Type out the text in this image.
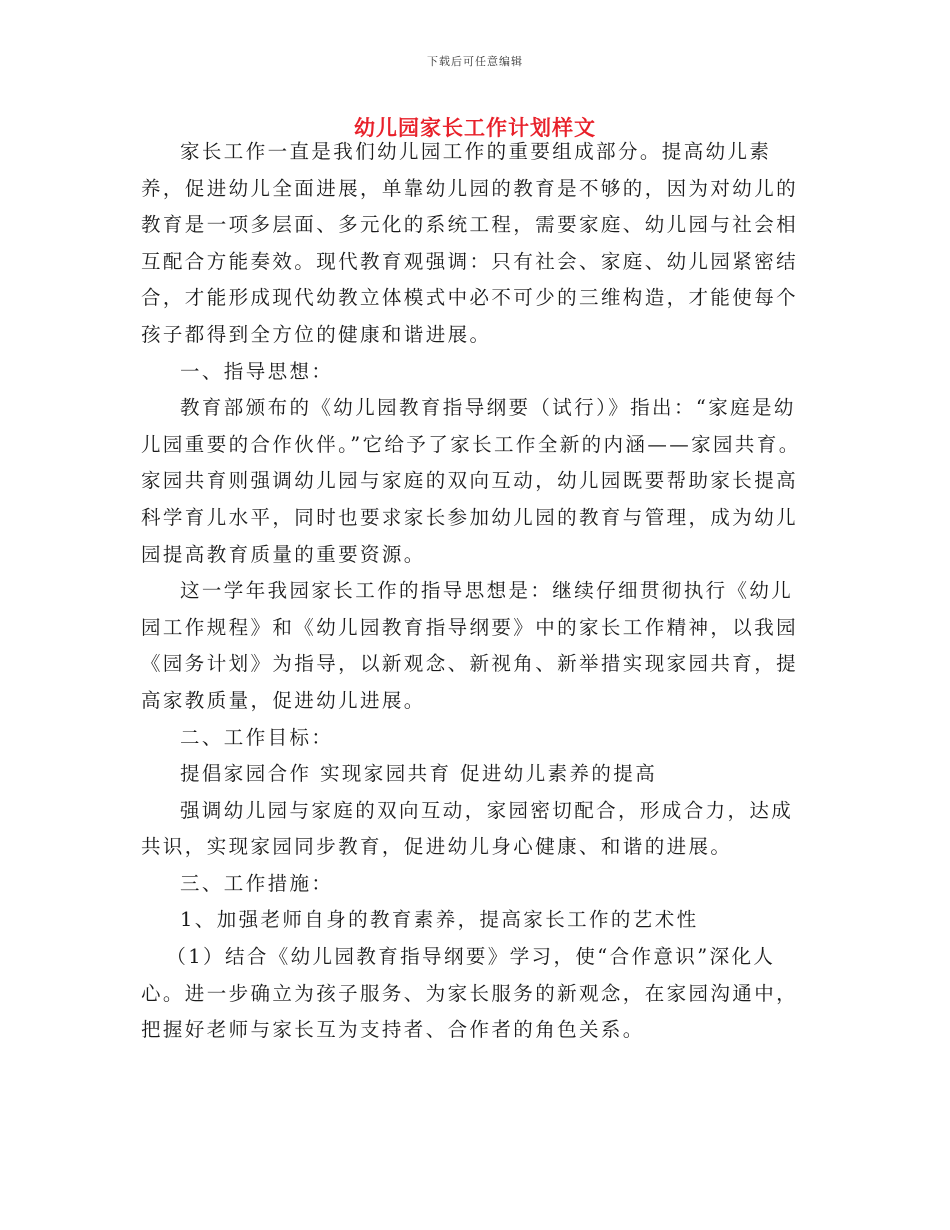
下载后可任意编辑
幼儿园家长工作计划样文

家长工作一直是我们幼儿园工作的重要组成部分。提高幼儿素养，促进幼儿全面进展，单靠幼儿园的教育是不够的，因为对幼儿的教育是一项多层面、多元化的系统工程，需要家庭、幼儿园与社会相互配合方能奏效。现代教育观强调：只有社会、家庭、幼儿园紧密结合，才能形成现代幼教立体模式中必不可少的三维构造，才能使每个孩子都得到全方位的健康和谐进展。

一、指导思想：

教育部颁布的《幼儿园教育指导纲要（试行）》指出：“家庭是幼儿园重要的合作伙伴。”它给予了家长工作全新的内涵——家园共育。家园共育则强调幼儿园与家庭的双向互动，幼儿园既要帮助家长提高科学育儿水平，同时也要求家长参加幼儿园的教育与管理，成为幼儿园提高教育质量的重要资源。

这一学年我园家长工作的指导思想是：继续仔细贯彻执行《幼儿园工作规程》和《幼儿园教育指导纲要》中的家长工作精神，以我园《园务计划》为指导，以新观念、新视角、新举措实现家园共育，提高家教质量，促进幼儿进展。

二、工作目标：

提倡家园合作 实现家园共育 促进幼儿素养的提高

强调幼儿园与家庭的双向互动，家园密切配合，形成合力，达成共识，实现家园同步教育，促进幼儿身心健康、和谐的进展。

三、工作措施：

1、加强老师自身的教育素养，提高家长工作的艺术性

（1）结合《幼儿园教育指导纲要》学习，使“合作意识”深化人心。进一步确立为孩子服务、为家长服务的新观念，在家园沟通中，把握好老师与家长互为支持者、合作者的角色关系。
